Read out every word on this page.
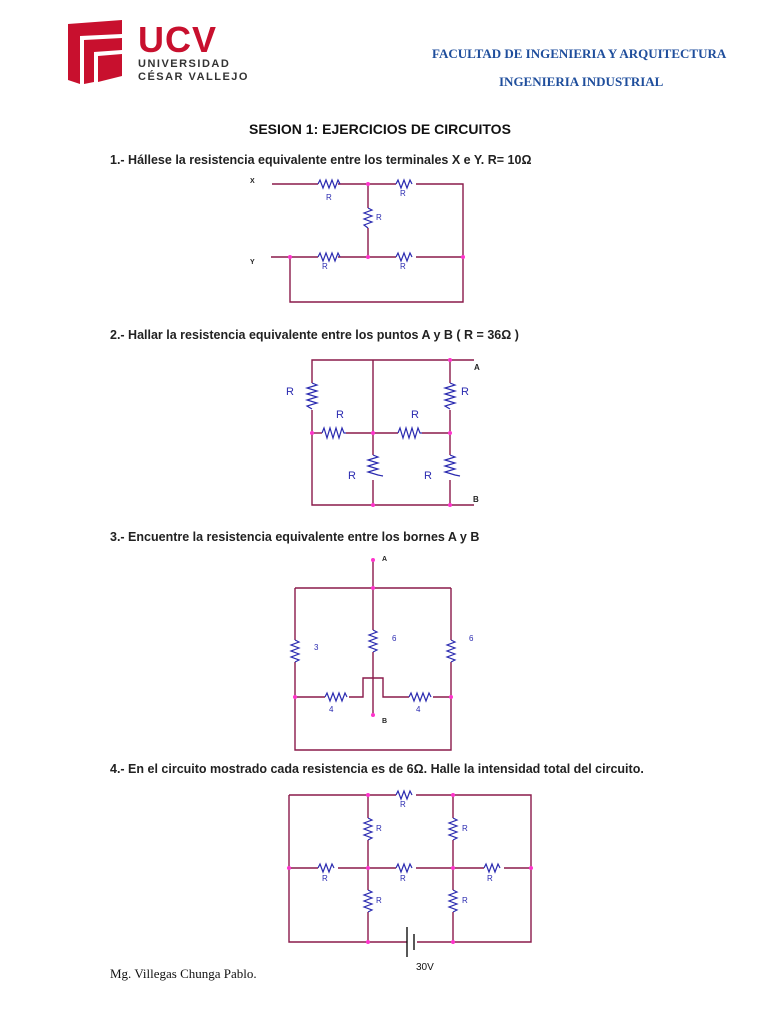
UCV
UNIVERSIDAD
CÉSAR VALLEJO
FACULTAD DE INGENIERIA Y ARQUITECTURA
INGENIERIA INDUSTRIAL
SESION 1: EJERCICIOS DE CIRCUITOS
1.- Hállese la resistencia equivalente entre los terminales X e Y. R= 10Ω
R	R
R
R	R
X
Y
2.- Hallar la resistencia equivalente entre los puntos A y B ( R = 36Ω )
R	R
R	R
R	R
A
B
3.- Encuentre la resistencia equivalente entre los bornes A y B
3
6	6
4	4
A
B
4.- En el circuito mostrado cada resistencia es de 6Ω. Halle la intensidad total del circuito.
R
R	R
R	R	R
R	R
30V
Mg. Villegas Chunga Pablo.
